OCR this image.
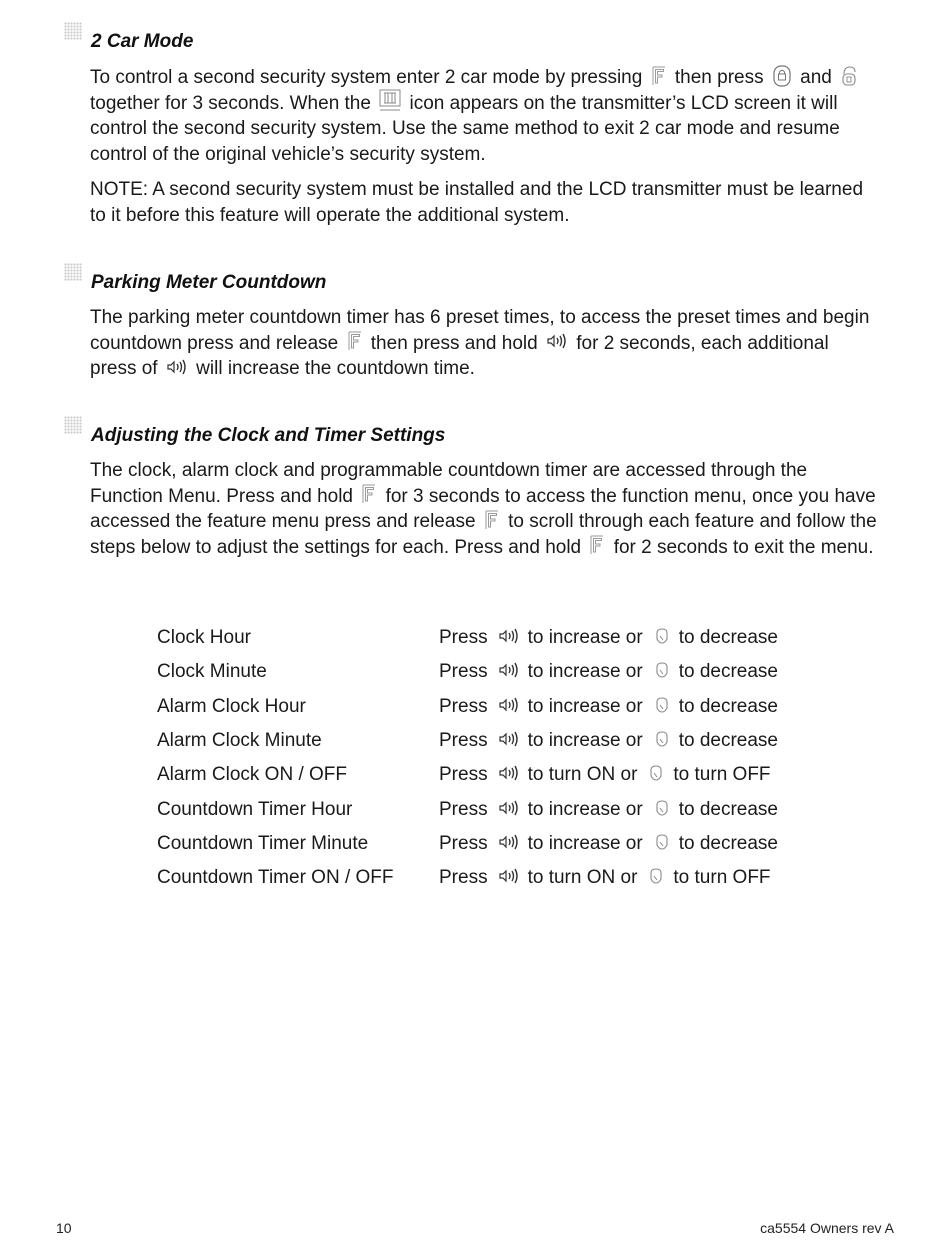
2 Car Mode

To control a second security system enter 2 car mode by pressing then press and
together for 3 seconds. When the icon appears on the transmitter’s LCD screen it will control the second security system. Use the same method to exit 2 car mode and resume control of the original vehicle’s security system.

NOTE: A second security system must be installed and the LCD transmitter must be learned to it before this feature will operate the additional system.

Parking Meter Countdown

The parking meter countdown timer has 6 preset times, to access the preset times and begin countdown press and release then press and hold for 2 seconds, each additional press of will increase the countdown time.

Adjusting the Clock and Timer Settings

The clock, alarm clock and programmable countdown timer are accessed through the Function Menu. Press and hold for 3 seconds to access the function menu, once you have accessed the feature menu press and release to scroll through each feature and follow the steps below to adjust the settings for each. Press and hold for 2 seconds to exit the menu.

Clock Hour	Press to increase or to decrease
Clock Minute	Press to increase or to decrease
Alarm Clock Hour	Press to increase or to decrease
Alarm Clock Minute	Press to increase or to decrease
Alarm Clock ON / OFF	Press to turn ON or to turn OFF
Countdown Timer Hour	Press to increase or to decrease
Countdown Timer Minute	Press to increase or to decrease
Countdown Timer ON / OFF	Press to turn ON or to turn OFF
10	ca5554 Owners rev A
